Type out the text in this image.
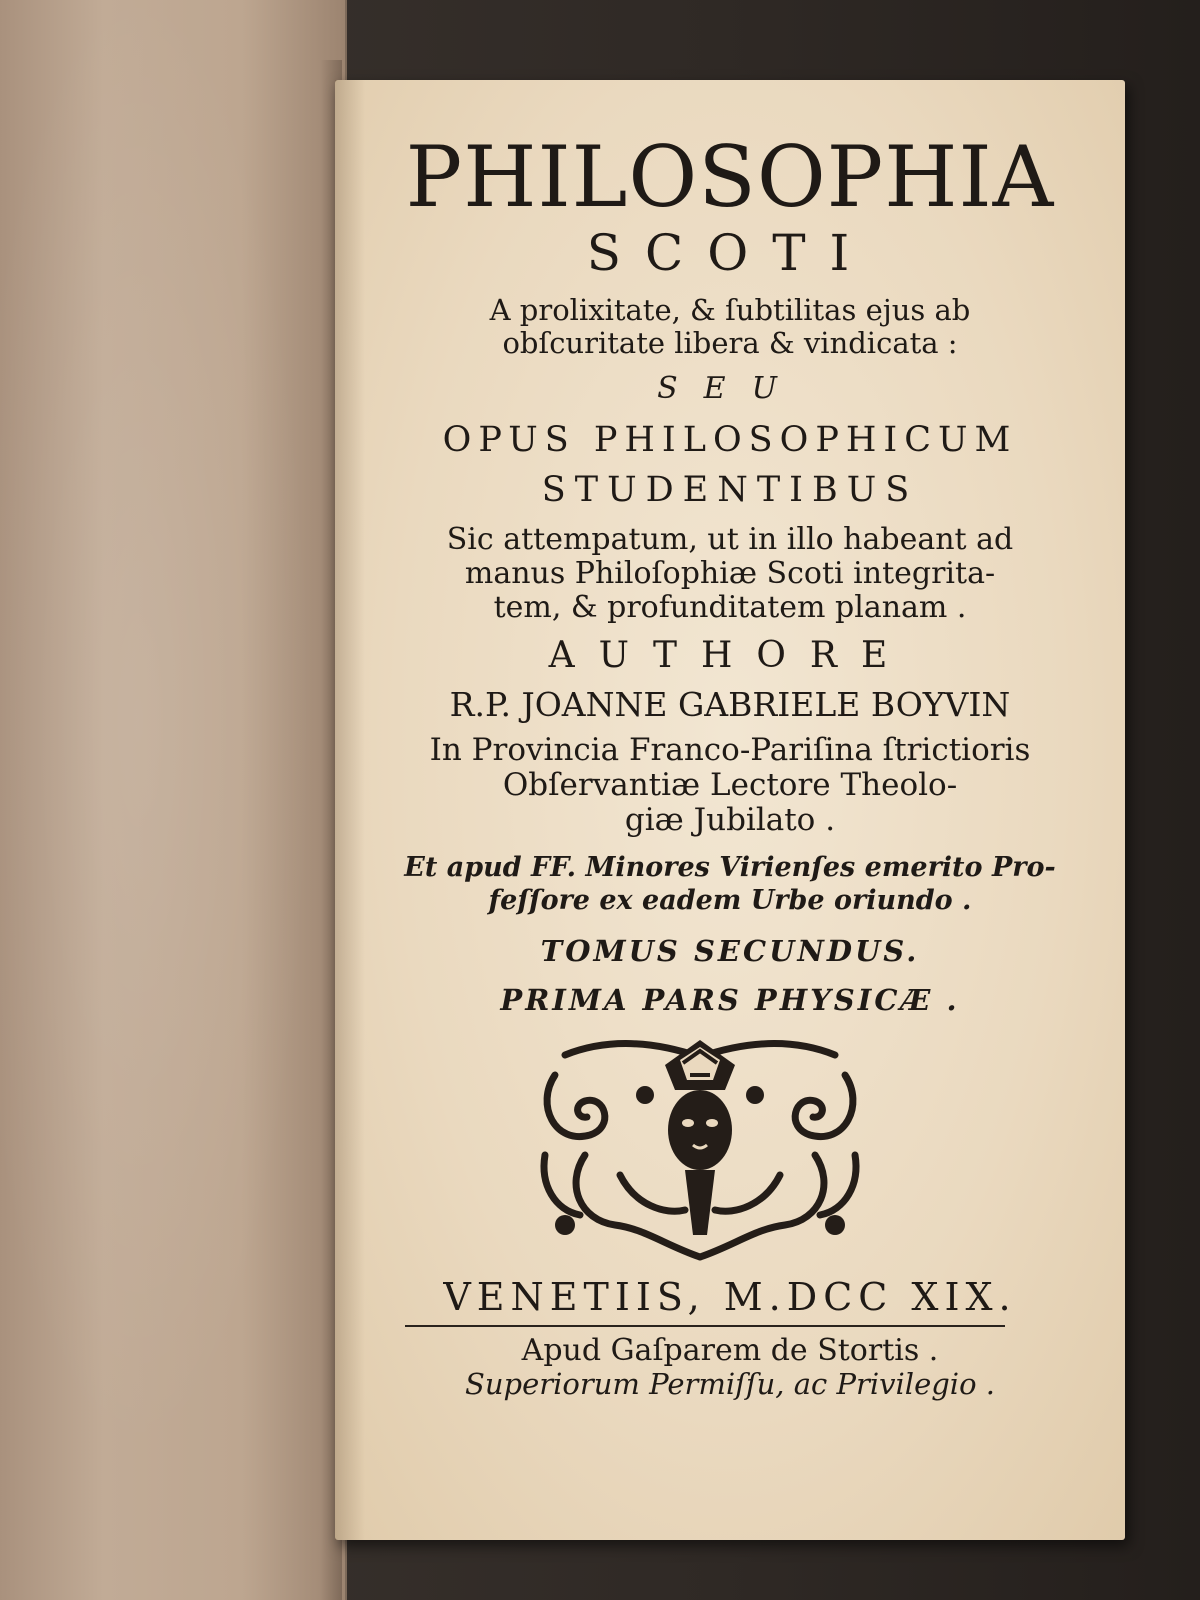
PHILOSOPHIA
SCOTI
A prolixitate, & ſubtilitas ejus ab
obſcuritate libera & vindicata :
SEU
OPUS PHILOSOPHICUM
STUDENTIBUS
Sic attempatum, ut in illo habeant ad
manus Philoſophiæ Scoti integrita-
tem, & profunditatem planam .
AUTHORE
R.P. JOANNE GABRIELE BOYVIN
In Provincia Franco-Pariſina ſtrictioris
Obſervantiæ Lectore Theolo-
giæ Jubilato .
Et apud FF. Minores Virienſes emerito Pro-
feſſore ex eadem Urbe oriundo .
TOMUS SECUNDUS.
PRIMA PARS PHYSICÆ .
VENETIIS, M.DCC XIX.
Apud Gaſparem de Stortis .
Superiorum Permiſſu, ac Privilegio .
